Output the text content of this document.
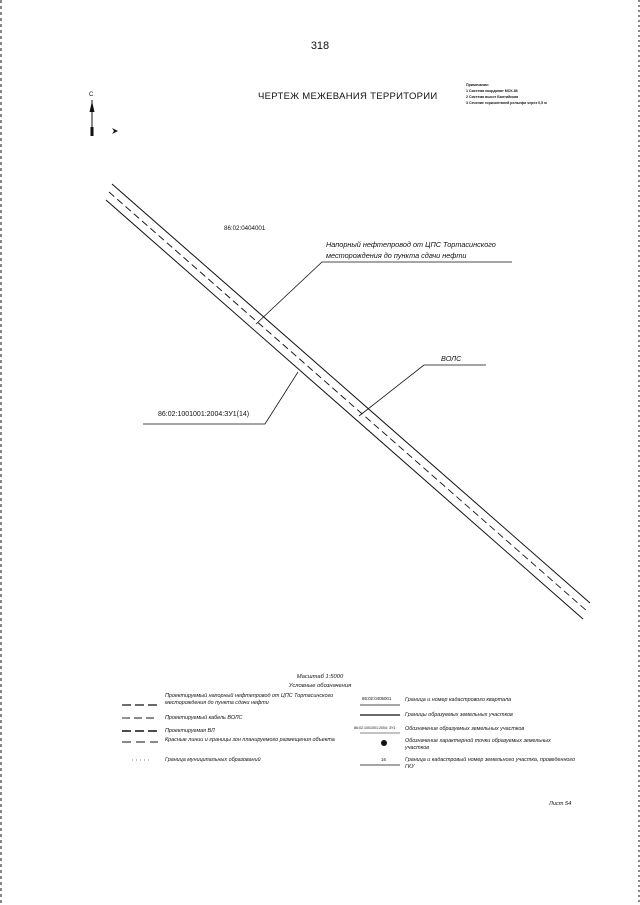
318
ЧЕРТЕЖ МЕЖЕВАНИЯ ТЕРРИТОРИИ
Примечание:
1 Система координат МСК-86
2 Система высот Балтийская
3 Сечение горизонталей рельефа через 0,5 м
С
86:02:0404001
Напорный нефтепровод от ЦПС Тортасинского
месторождения до пункта сдачи нефти
ВОЛС
86:02:1001001:2004:ЗУ1(14)
Масштаб 1:5000
Условные обозначения
Проектируемый напорный нефтепровод от ЦПС Тортасинского месторождения до пункта сдачи нефти
Проектируемый кабель ВОЛС
Проектируемая ВЛ
Красные линии и границы зон планируемого размещения объекта
Граница муниципальных образований
86:02:0405001	Граница и номер кадастрового квартала
Границы образуемых земельных участков
86:02:1001001:2004: ЗУ1 Обозначение образуемых земельных участков
Обозначение характерной точки образуемых земельных участков
16	Граница и кадастровый номер земельного участка, проведенного ГКУ
Лист 54
